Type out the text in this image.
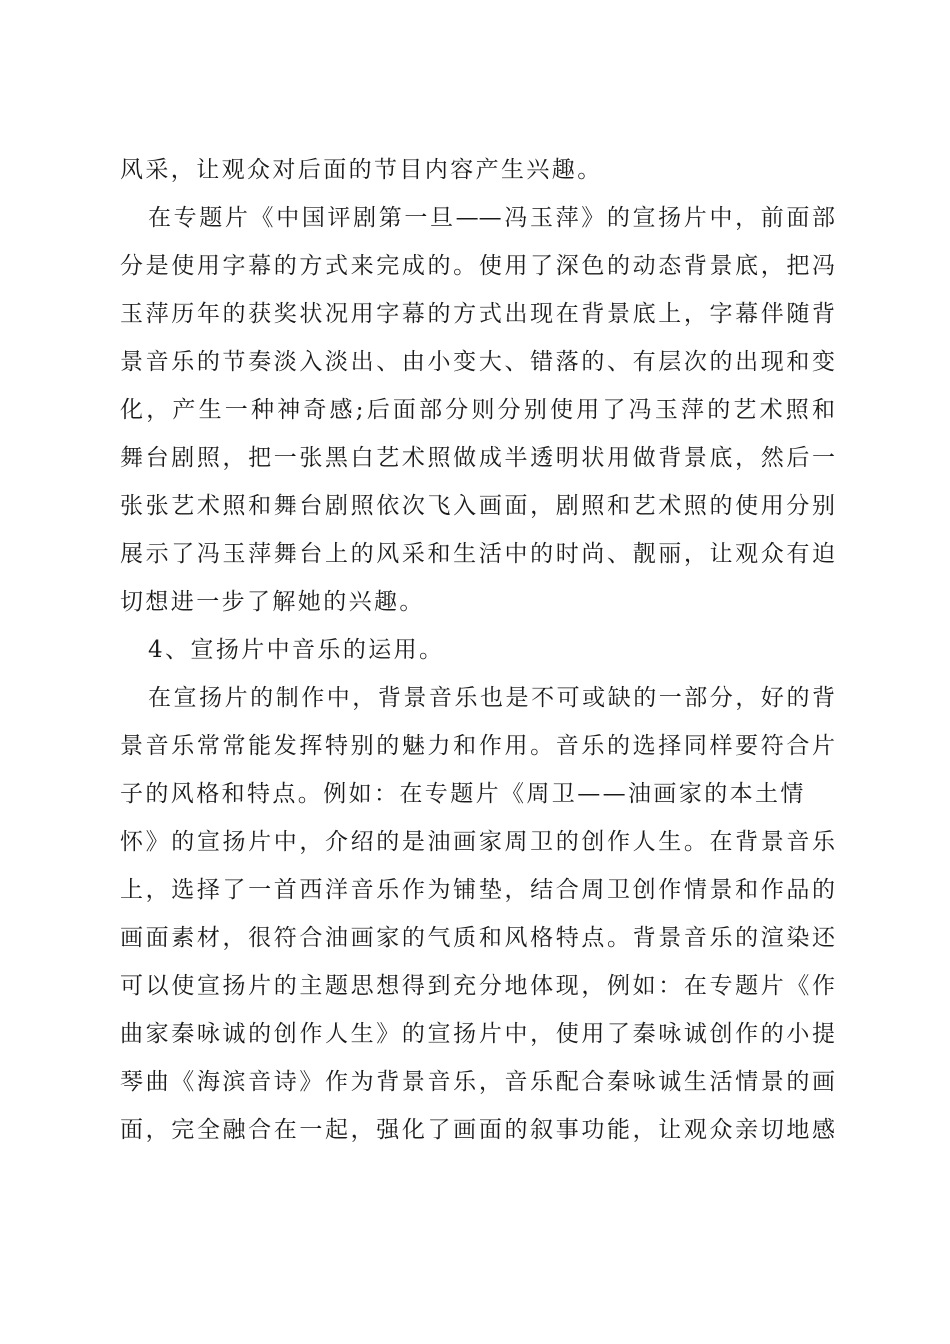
风采，让观众对后面的节目内容产生兴趣。
在专题片《中国评剧第一旦——冯玉萍》的宣扬片中，前面部
分是使用字幕的方式来完成的。使用了深色的动态背景底，把冯
玉萍历年的获奖状况用字幕的方式出现在背景底上，字幕伴随背
景音乐的节奏淡入淡出、由小变大、错落的、有层次的出现和变
化，产生一种神奇感;后面部分则分别使用了冯玉萍的艺术照和
舞台剧照，把一张黑白艺术照做成半透明状用做背景底，然后一
张张艺术照和舞台剧照依次飞入画面，剧照和艺术照的使用分别
展示了冯玉萍舞台上的风采和生活中的时尚、靓丽，让观众有迫
切想进一步了解她的兴趣。
4、宣扬片中音乐的运用。
在宣扬片的制作中，背景音乐也是不可或缺的一部分，好的背
景音乐常常能发挥特别的魅力和作用。音乐的选择同样要符合片
子的风格和特点。例如：在专题片《周卫——油画家的本土情
怀》的宣扬片中，介绍的是油画家周卫的创作人生。在背景音乐
上，选择了一首西洋音乐作为铺垫，结合周卫创作情景和作品的
画面素材，很符合油画家的气质和风格特点。背景音乐的渲染还
可以使宣扬片的主题思想得到充分地体现，例如：在专题片《作
曲家秦咏诚的创作人生》的宣扬片中，使用了秦咏诚创作的小提
琴曲《海滨音诗》作为背景音乐，音乐配合秦咏诚生活情景的画
面，完全融合在一起，强化了画面的叙事功能，让观众亲切地感
